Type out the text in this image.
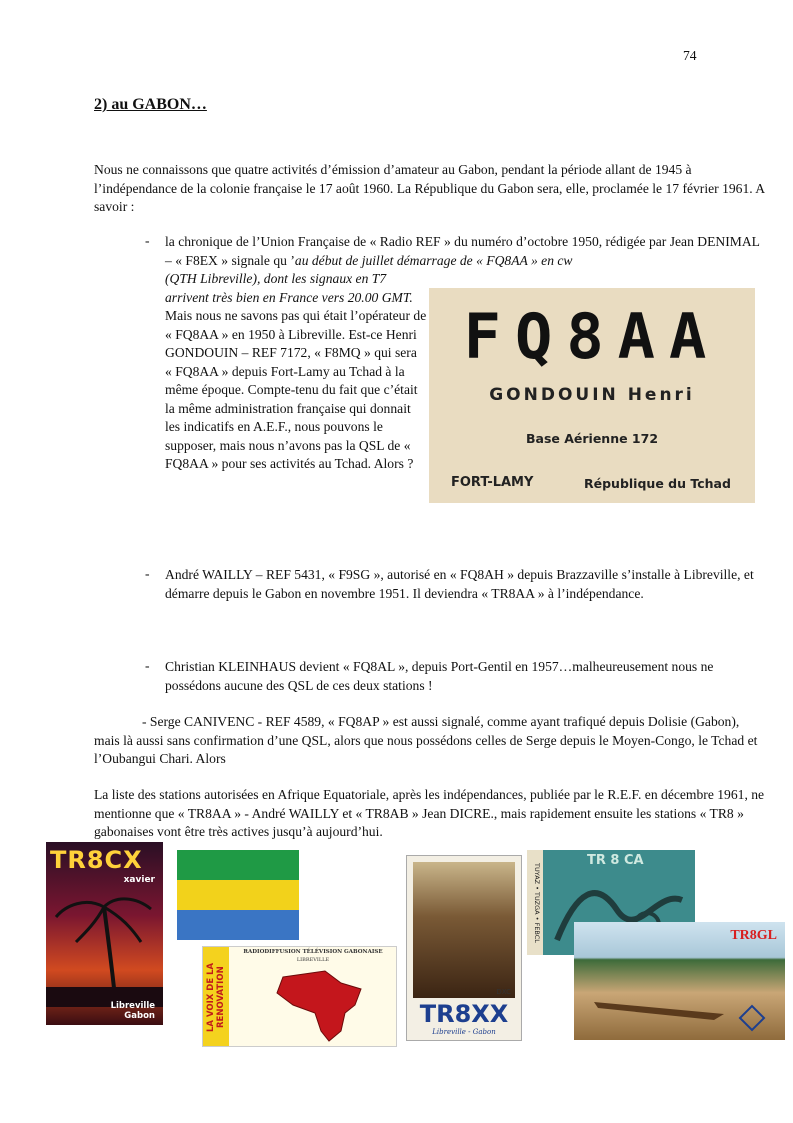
74
2) au GABON…
Nous ne connaissons que quatre activités d’émission d’amateur au Gabon, pendant la période allant de 1945 à l’indépendance de la colonie française le 17 août 1960. La République du Gabon sera, elle, proclamée le 17 février 1961. A savoir :
- la chronique de l’Union Française de « Radio REF » du numéro d’octobre 1950, rédigée par Jean DENIMAL – « F8EX » signale qu ’au début de juillet démarrage de « FQ8AA » en cw
(QTH Libreville), dont les signaux en T7 arrivent très bien en France vers 20.00 GMT. Mais nous ne savons pas qui était l’opérateur de « FQ8AA » en 1950 à Libreville. Est-ce Henri GONDOUIN – REF 7172, « F8MQ » qui sera « FQ8AA » depuis Fort-Lamy au Tchad à la même époque. Compte-tenu du fait que c’était la même administration française qui donnait les indicatifs en A.E.F., nous pouvons le supposer, mais nous n’avons pas la QSL de « FQ8AA » pour ses activités au Tchad. Alors ?
FQ8AA
GONDOUIN Henri
Base Aérienne 172
FORT-LAMY	République du Tchad
- André WAILLY – REF 5431, « F9SG », autorisé en « FQ8AH » depuis Brazzaville s’installe à Libreville, et démarre depuis le Gabon en novembre 1951. Il deviendra « TR8AA » à l’indépendance.
- Christian KLEINHAUS devient « FQ8AL », depuis Port-Gentil en 1957…malheureusement nous ne possédons aucune des QSL de ces deux stations !
- Serge CANIVENC - REF 4589, « FQ8AP » est aussi signalé, comme ayant trafiqué depuis Dolisie (Gabon), mais là aussi sans confirmation d’une QSL, alors que nous possédons celles de Serge depuis le Moyen-Congo, le Tchad et l’Oubangui Chari. Alors
La liste des stations autorisées en Afrique Equatoriale, après les indépendances, publiée par le R.E.F. en décembre 1961, ne mentionne que « TR8AA » - André WAILLY et « TR8AB » Jean DICRE., mais rapidement ensuite les stations « TR8 » gabonaises vont être très actives jusqu’à aujourd’hui.
TR8CX
xavier
Libreville
Gabon	LA VOIX DE LA RENOVATION
RADIODIFFUSION TÉLÉVISION GABONAISE
LIBREVILLE
DXC
TR8XX
Libreville - Gabon
TUYAZ • TUZGA • FEBCL
TR 8 CA
TR8GL
